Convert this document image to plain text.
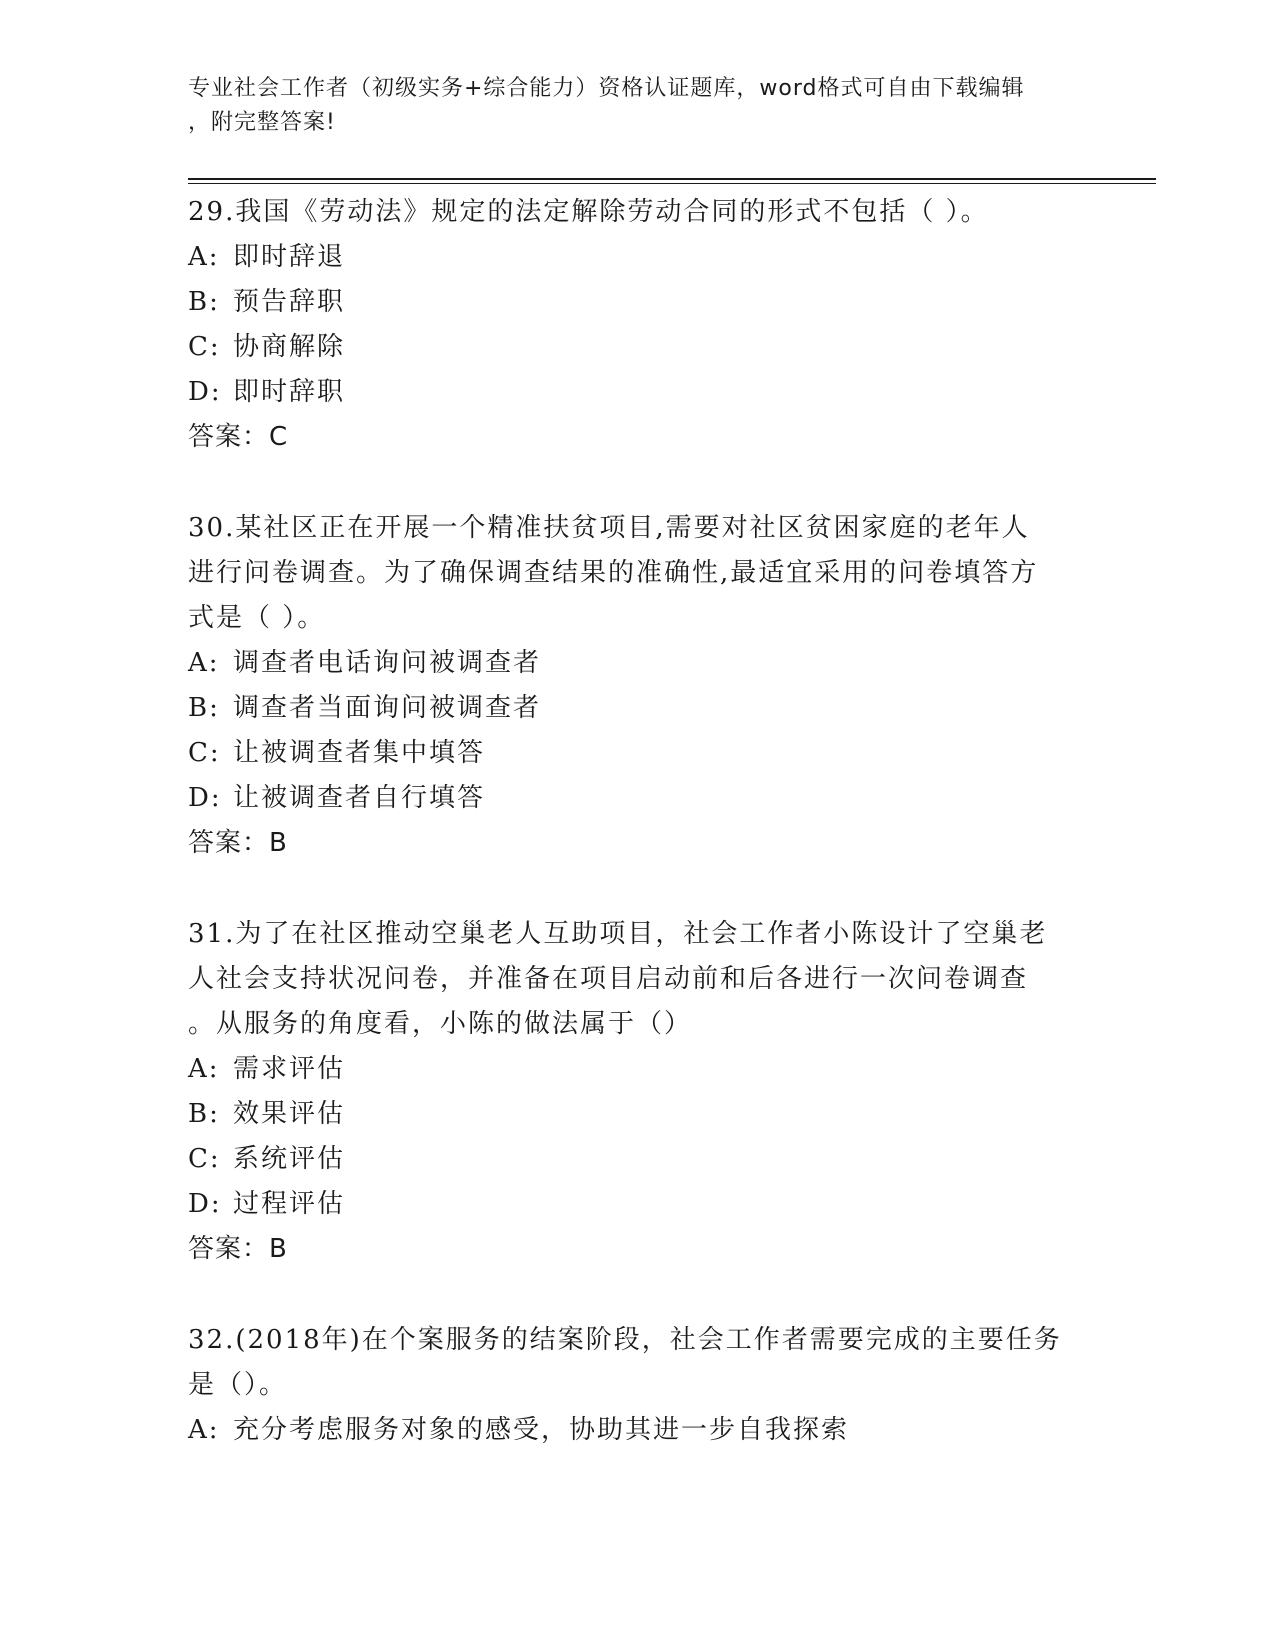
专业社会工作者（初级实务+综合能力）资格认证题库，word格式可自由下载编辑
，附完整答案!

29.我国《劳动法》规定的法定解除劳动合同的形式不包括（ ）。

A: 即时辞退

B: 预告辞职

C: 协商解除

D: 即时辞职

答案：C

30.某社区正在开展一个精准扶贫项目,需要对社区贫困家庭的老年人

进行问卷调查。为了确保调查结果的准确性,最适宜采用的问卷填答方

式是（ ）。

A: 调查者电话询问被调查者

B: 调查者当面询问被调查者

C: 让被调查者集中填答

D: 让被调查者自行填答

答案：B

31.为了在社区推动空巢老人互助项目，社会工作者小陈设计了空巢老

人社会支持状况问卷，并准备在项目启动前和后各进行一次问卷调查

。从服务的角度看，小陈的做法属于（）

A: 需求评估

B: 效果评估

C: 系统评估

D: 过程评估

答案：B

32.(2018年)在个案服务的结案阶段，社会工作者需要完成的主要任务

是（）。

A: 充分考虑服务对象的感受，协助其进一步自我探索
